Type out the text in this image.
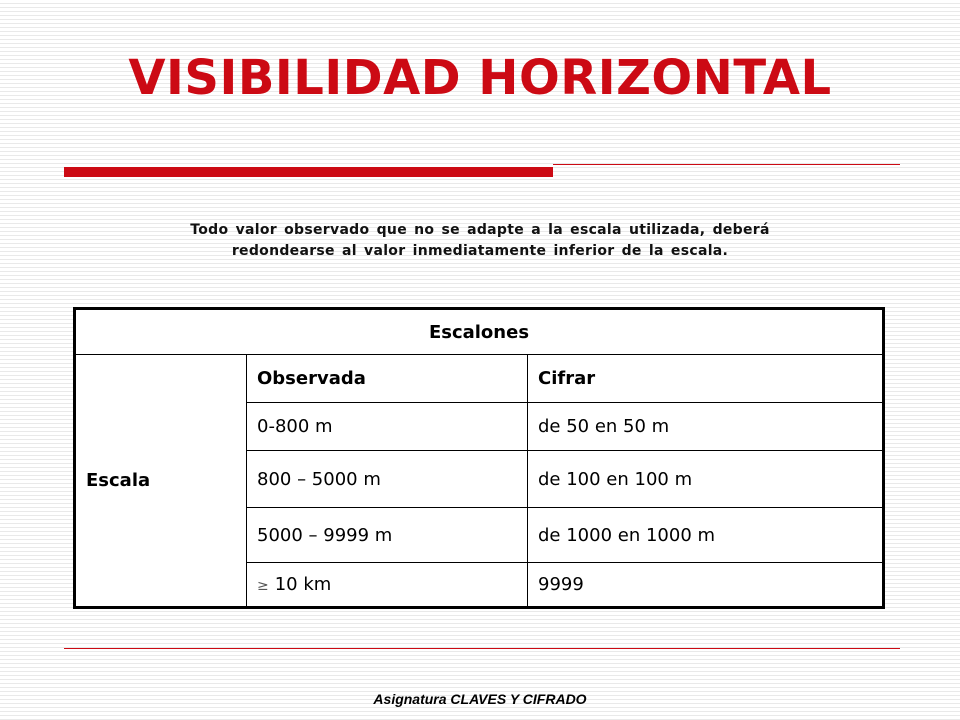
VISIBILIDAD HORIZONTAL

Todo valor observado que no se adapte a la escala utilizada, deberá
redondearse al valor inmediatamente inferior de la escala.

Escalones		
Escala	Observada	Cifrar
	0-800 m	de 50 en 50 m
	800 – 5000 m	de 100 en 100 m
	5000 – 9999 m	de 1000 en 1000 m
	≥ 10 km	9999

Asignatura CLAVES Y CIFRADO
